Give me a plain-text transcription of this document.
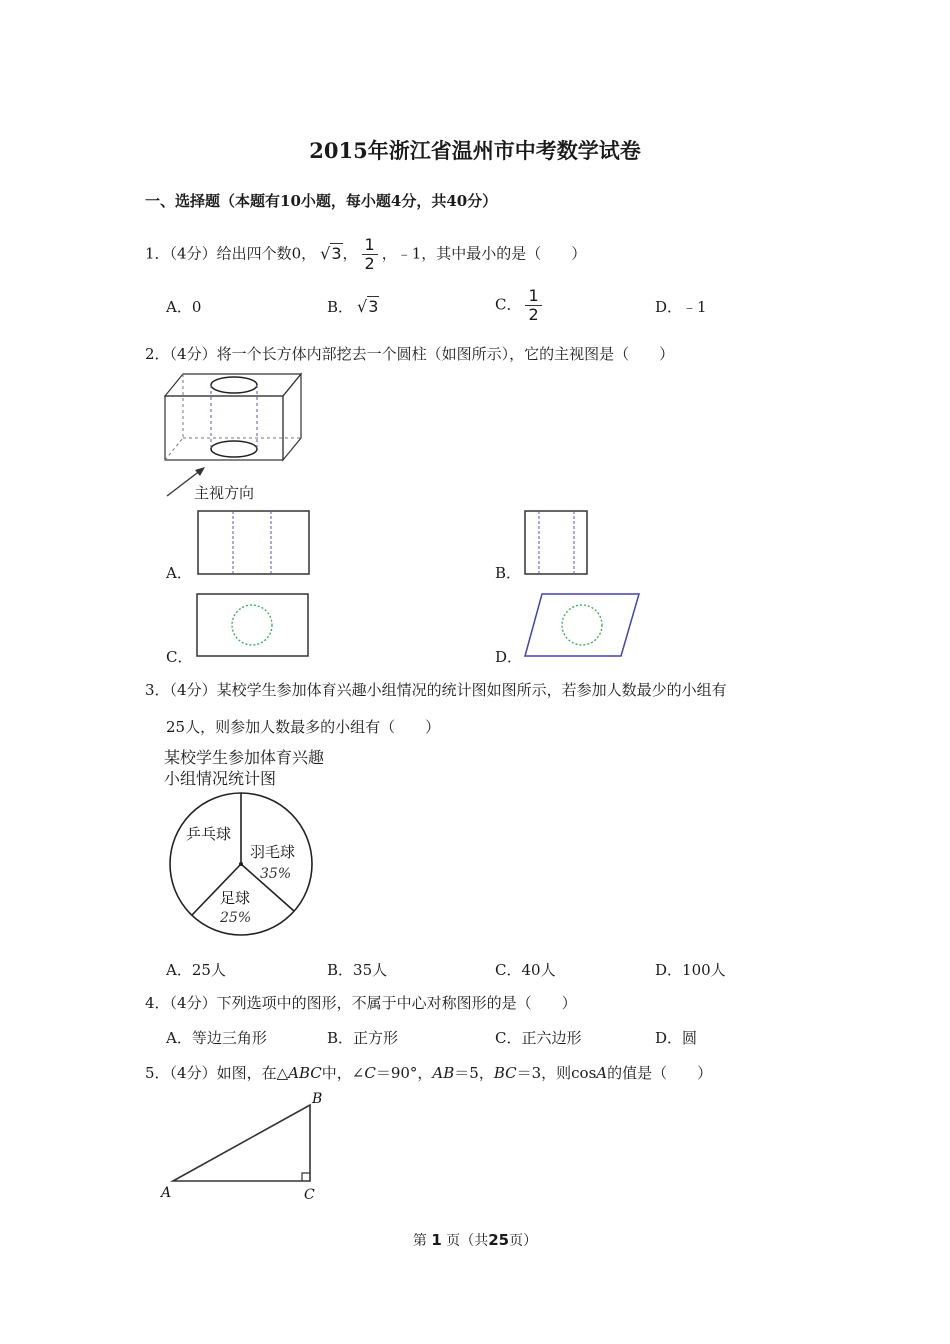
2015年浙江省温州市中考数学试卷
一、选择题（本题有10小题，每小题4分，共40分）
1．（4分）给出四个数0， √3， $\frac{1}{2}$ ，﹣1，其中最小的是（　　）
A．0	B． √3	C． $\frac{1}{2}$	D．﹣1
2．（4分）将一个长方体内部挖去一个圆柱（如图所示），它的主视图是（　　）
主视方向
A．	B．
C．	D．
3．（4分）某校学生参加体育兴趣小组情况的统计图如图所示，若参加人数最少的小组有
25人，则参加人数最多的小组有（　　）
某校学生参加体育兴趣
小组情况统计图
乒乓球
羽毛球
35%
足球
25%
A．25人	B．35人	C．40人	D．100人
4．（4分）下列选项中的图形，不属于中心对称图形的是（　　）
A．等边三角形	B．正方形	C．正六边形	D．圆
5．（4分）如图，在△ABC中，∠C＝90°，AB＝5，BC＝3，则cosA的值是（　　）
A
B
C
第 1 页（共25页）
